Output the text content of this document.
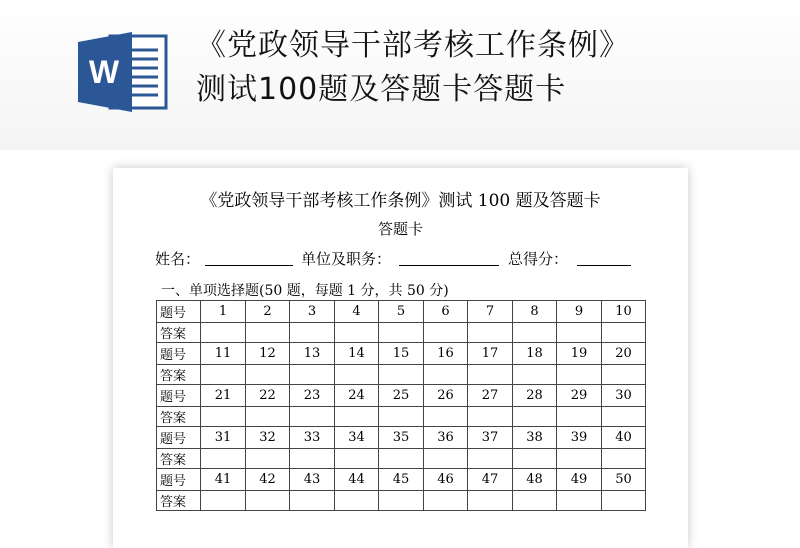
W
《党政领导干部考核工作条例》
测试100题及答题卡答题卡
《党政领导干部考核工作条例》测试 100 题及答题卡
答题卡
姓名：	单位及职务：	总得分：
一、单项选择题(50 题，每题 1 分，共 50 分)
题号	1	2	3	4	5	6	7	8	9	10
答案										
题号	11	12	13	14	15	16	17	18	19	20
答案										
题号	21	22	23	24	25	26	27	28	29	30
答案										
题号	31	32	33	34	35	36	37	38	39	40
答案										
题号	41	42	43	44	45	46	47	48	49	50
答案										
